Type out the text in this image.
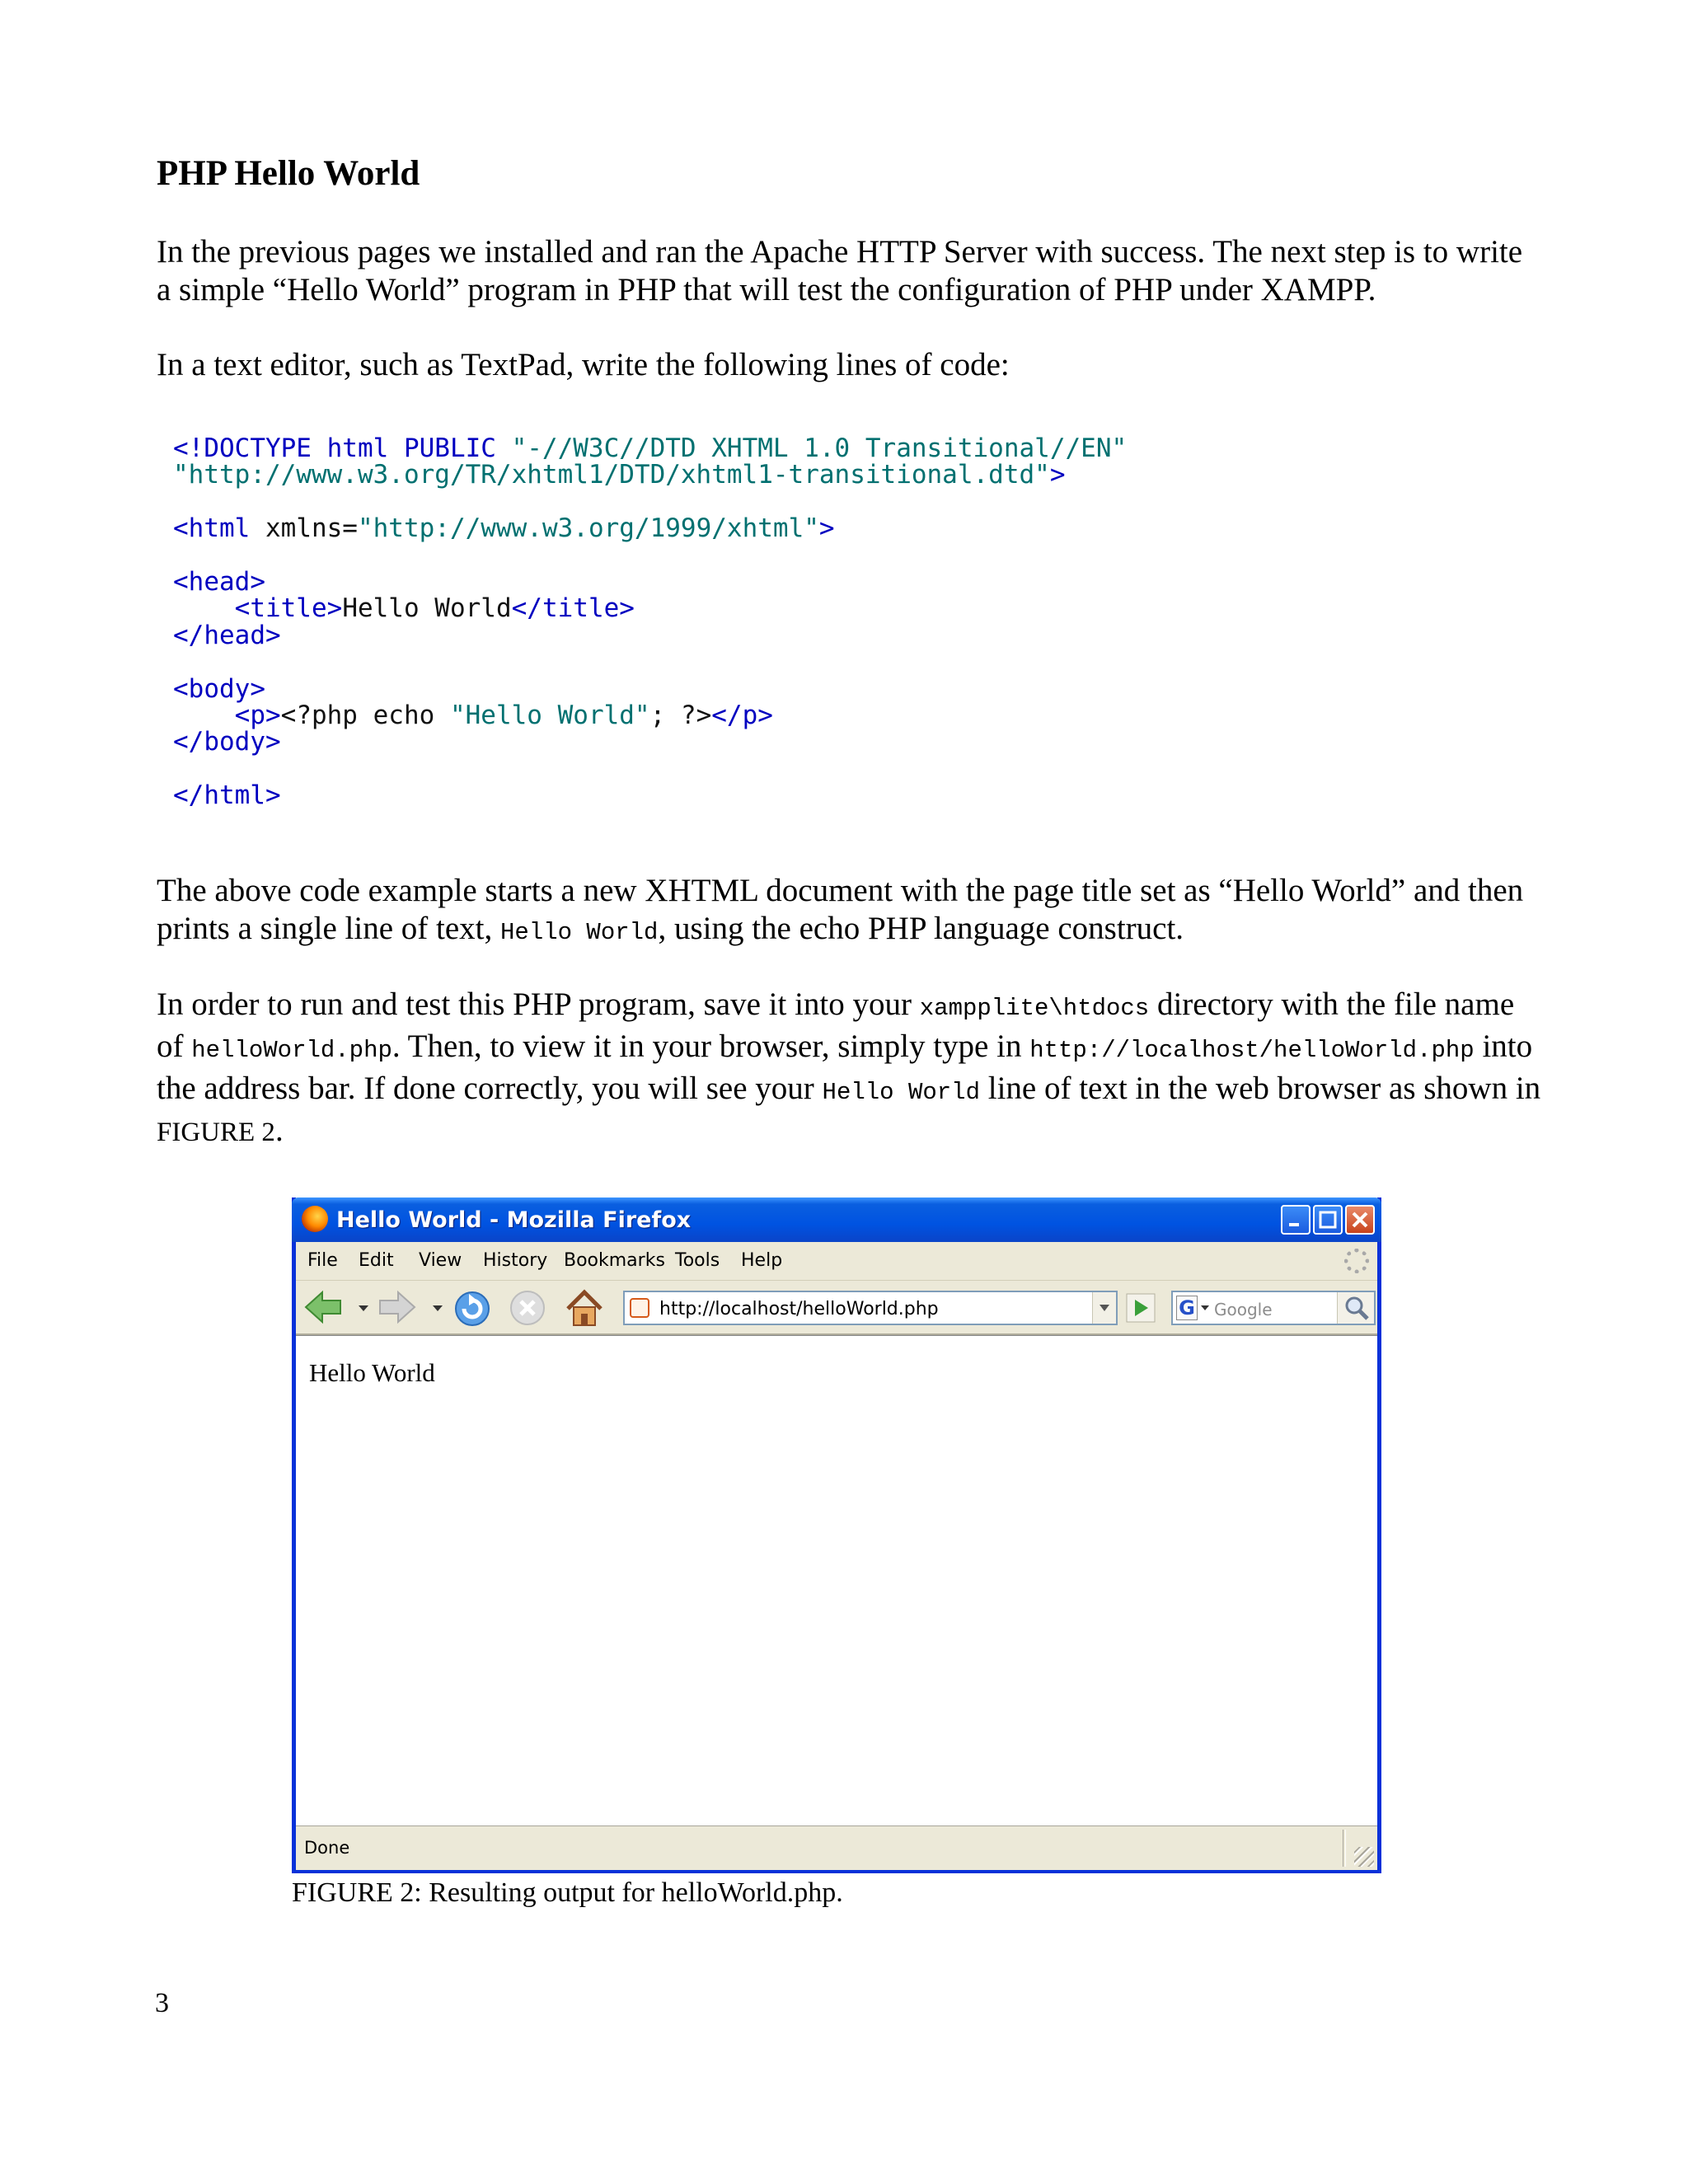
PHP Hello World

In the previous pages we installed and ran the Apache HTTP Server with success. The next step is to write a simple “Hello World” program in PHP that will test the configuration of PHP under XAMPP.

In a text editor, such as TextPad, write the following lines of code:

<!DOCTYPE html PUBLIC "-//W3C//DTD XHTML 1.0 Transitional//EN"
"http://www.w3.org/TR/xhtml1/DTD/xhtml1-transitional.dtd">

<html xmlns="http://www.w3.org/1999/xhtml">

<head>
<title>Hello World</title>
</head>

<body>
<p><?php echo "Hello World"; ?></p>
</body>

</html>

The above code example starts a new XHTML document with the page title set as “Hello World” and then prints a single line of text, Hello World, using the echo PHP language construct.

In order to run and test this PHP program, save it into your xampplite\htdocs directory with the file name of helloWorld.php. Then, to view it in your browser, simply type in http://localhost/helloWorld.php into the address bar. If done correctly, you will see your Hello World line of text in the web browser as shown in FIGURE 2.

Hello World - Mozilla Firefox
File Edit View History Bookmarks Tools Help
http://localhost/helloWorld.php	G Google
Hello World
Done

FIGURE 2: Resulting output for helloWorld.php.

3
